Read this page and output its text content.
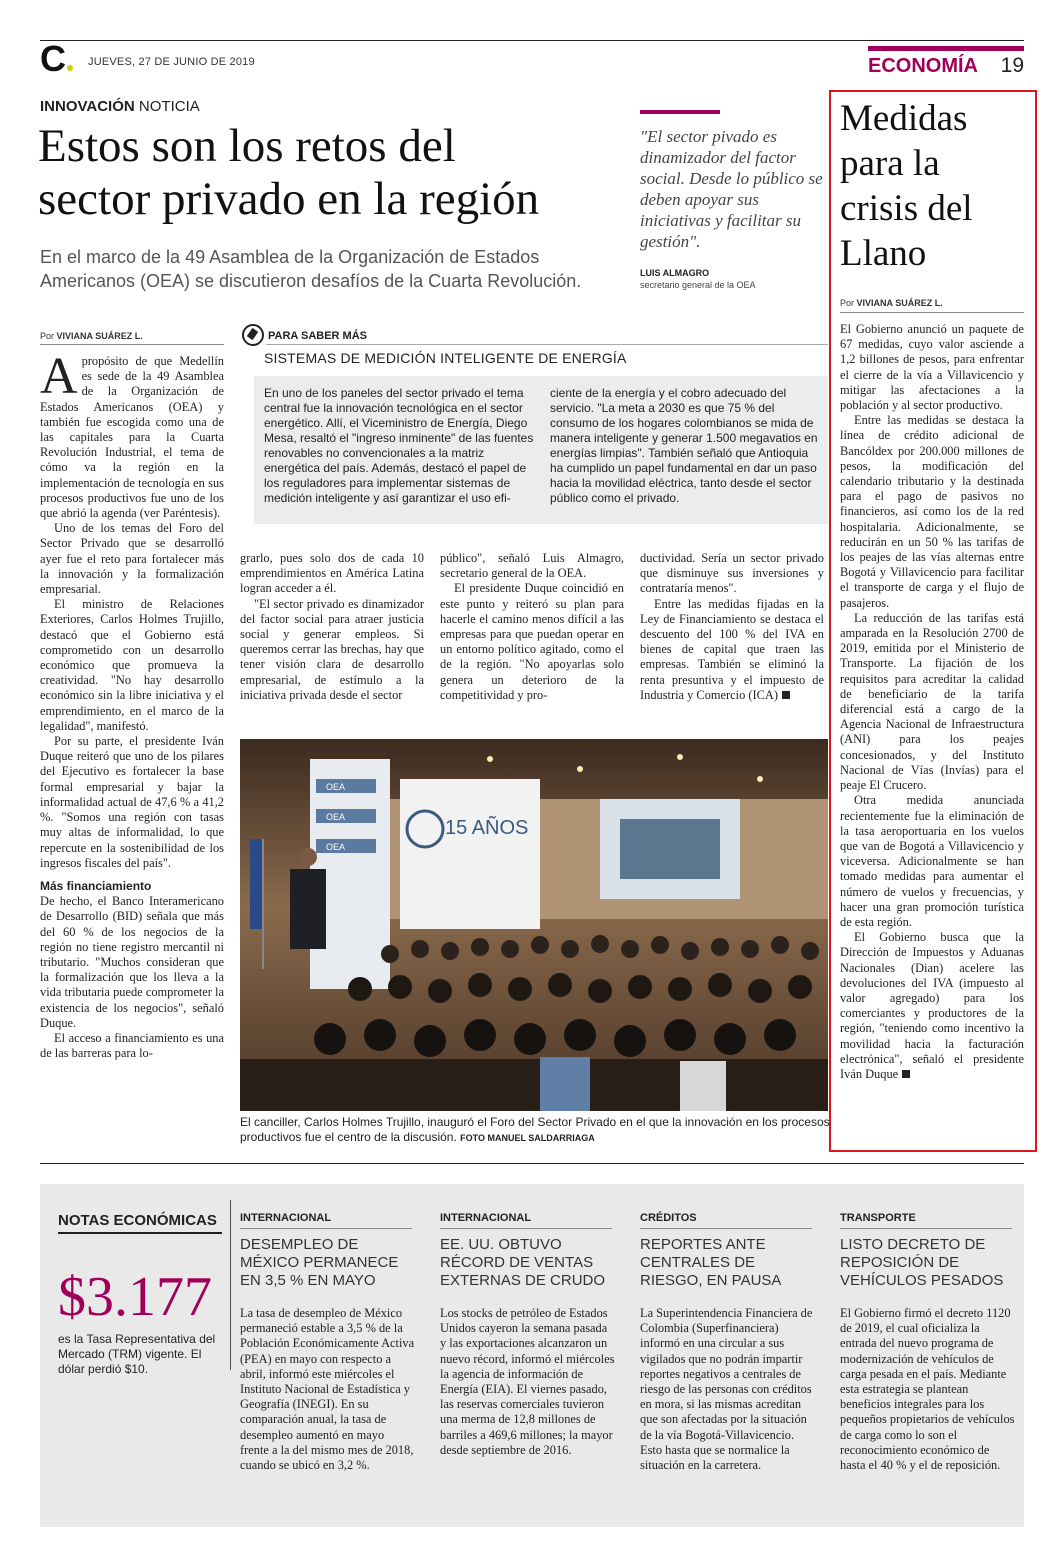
C	JUEVES, 27 DE JUNIO DE 2019	ECONOMÍA 19
INNOVACIÓN NOTICIA
Estos son los retos del
sector privado en la región
En el marco de la 49 Asamblea de la Organización de Estados
Americanos (OEA) se discutieron desafíos de la Cuarta Revolución.
"El sector pivado es dinamizador del factor social. Desde lo público se deben apoyar sus iniciativas y facilitar su gestión".
LUIS ALMAGRO
secretario general de la OEA
Por VIVIANA SUÁREZ L.

Apropósito de que Medellín es sede de la 49 Asamblea de la Organización de Estados Americanos (OEA) y también fue escogida como una de las capitales para la Cuarta Revolución Industrial, el tema de cómo va la región en la implementación de tecnología en sus procesos productivos fue uno de los que abrió la agenda (ver Paréntesis).

Uno de los temas del Foro del Sector Privado que se desarrolló ayer fue el reto para fortalecer más la innovación y la formalización empresarial.

El ministro de Relaciones Exteriores, Carlos Holmes Trujillo, destacó que el Gobierno está comprometido con un desarrollo económico que promueva la creatividad. "No hay desarrollo económico sin la libre iniciativa y el emprendimiento, en el marco de la legalidad", manifestó.

Por su parte, el presidente Iván Duque reiteró que uno de los pilares del Ejecutivo es fortalecer la base formal empresarial y bajar la informalidad actual de 47,6 % a 41,2 %. "Somos una región con tasas muy altas de informalidad, lo que repercute en la sostenibilidad de los ingresos fiscales del país".

Más financiamiento

De hecho, el Banco Interamericano de Desarrollo (BID) señala que más del 60 % de los negocios de la región no tiene registro mercantil ni tributario. "Muchos consideran que la formalización que los lleva a la vida tributaria puede comprometer la existencia de los negocios", señaló Duque.

El acceso a financiamiento es una de las barreras para lo-

PARA SABER MÁS
SISTEMAS DE MEDICIÓN INTELIGENTE DE ENERGÍA
En uno de los paneles del sector privado el tema central fue la innovación tecnológica en el sector energético. Allí, el Viceministro de Energía, Diego Mesa, resaltó el "ingreso inminente" de las fuentes renovables no convencionales a la matriz energética del país. Además, destacó el papel de los reguladores para implementar sistemas de medición inteligente y así garantizar el uso efi-
ciente de la energía y el cobro adecuado del servicio. "La meta a 2030 es que 75 % del consumo de los hogares colombianos se mida de manera inteligente y generar 1.500 megavatios en energías limpias". También señaló que Antioquia ha cumplido un papel fundamental en dar un paso hacia la movilidad eléctrica, tanto desde el sector público como el privado.

grarlo, pues solo dos de cada 10 emprendimientos en América Latina logran acceder a él.

"El sector privado es dinamizador del factor social para atraer justicia social y generar empleos. Si queremos cerrar las brechas, hay que tener visión clara de desarrollo empresarial, de estímulo a la iniciativa privada desde el sector

público", señaló Luis Almagro, secretario general de la OEA.

El presidente Duque coincidió en este punto y reiteró su plan para hacerle el camino menos difícil a las empresas para que puedan operar en un entorno político agitado, como el de la región. "No apoyarlas solo genera un deterioro de la competitividad y pro-

ductividad. Sería un sector privado que disminuye sus inversiones y contrataría menos".

Entre las medidas fijadas en la Ley de Financiamiento se destaca el descuento del 100 % del IVA en bienes de capital que traen las empresas. También se eliminó la renta presuntiva y el impuesto de Industria y Comercio (ICA)

OEA
OEA
OEA
15 AÑOS
El canciller, Carlos Holmes Trujillo, inauguró el Foro del Sector Privado en el que la innovación en los procesos productivos fue el centro de la discusión. FOTO MANUEL SALDARRIAGA
Medidas
para la
crisis del
Llano
Por VIVIANA SUÁREZ L.

El Gobierno anunció un paquete de 67 medidas, cuyo valor asciende a 1,2 billones de pesos, para enfrentar el cierre de la vía a Villavicencio y mitigar las afectaciones a la población y al sector productivo.

Entre las medidas se destaca la línea de crédito adicional de Bancóldex por 200.000 millones de pesos, la modificación del calendario tributario y la destinada para el pago de pasivos no financieros, así como los de la red hospitalaria. Adicionalmente, se reducirán en un 50 % las tarifas de los peajes de las vías alternas entre Bogotá y Villavicencio para facilitar el transporte de carga y el flujo de pasajeros.

La reducción de las tarifas está amparada en la Resolución 2700 de 2019, emitida por el Ministerio de Transporte. La fijación de los requisitos para acreditar la calidad de beneficiario de la tarifa diferencial está a cargo de la Agencia Nacional de Infraestructura (ANI) para los peajes concesionados, y del Instituto Nacional de Vías (Invías) para el peaje El Crucero.

Otra medida anunciada recientemente fue la eliminación de la tasa aeroportuaria en los vuelos que van de Bogotá a Villavicencio y viceversa. Adicionalmente se han tomado medidas para aumentar el número de vuelos y frecuencias, y hacer una gran promoción turística de esta región.

El Gobierno busca que la Dirección de Impuestos y Aduanas Nacionales (Dian) acelere las devoluciones del IVA (impuesto al valor agregado) para los comerciantes y productores de la región, "teniendo como incentivo la movilidad hacia la facturación electrónica", señaló el presidente Iván Duque

NOTAS ECONÓMICAS
$3.177
es la Tasa Representativa del Mercado (TRM) vigente. El dólar perdió $10.
INTERNACIONAL
DESEMPLEO DE MÉXICO PERMANECE EN 3,5 % EN MAYO
La tasa de desempleo de México permaneció estable a 3,5 % de la Población Económicamente Activa (PEA) en mayo con respecto a abril, informó este miércoles el Instituto Nacional de Estadística y Geografía (INEGI). En su comparación anual, la tasa de desempleo aumentó en mayo frente a la del mismo mes de 2018, cuando se ubicó en 3,2 %.
INTERNACIONAL
EE. UU. OBTUVO RÉCORD DE VENTAS EXTERNAS DE CRUDO
Los stocks de petróleo de Estados Unidos cayeron la semana pasada y las exportaciones alcanzaron un nuevo récord, informó el miércoles la agencia de información de Energía (EIA). El viernes pasado, las reservas comerciales tuvieron una merma de 12,8 millones de barriles a 469,6 millones; la mayor desde septiembre de 2016.
CRÉDITOS
REPORTES ANTE CENTRALES DE RIESGO, EN PAUSA
La Superintendencia Financiera de Colombia (Superfinanciera) informó en una circular a sus vigilados que no podrán impartir reportes negativos a centrales de riesgo de las personas con créditos en mora, si las mismas acreditan que son afectadas por la situación de la vía Bogotá-Villavicencio. Esto hasta que se normalice la situación en la carretera.
TRANSPORTE
LISTO DECRETO DE REPOSICIÓN DE VEHÍCULOS PESADOS
El Gobierno firmó el decreto 1120 de 2019, el cual oficializa la entrada del nuevo programa de modernización de vehículos de carga pesada en el país. Mediante esta estrategia se plantean beneficios integrales para los pequeños propietarios de vehículos de carga como lo son el reconocimiento económico de hasta el 40 % y el de reposición.
